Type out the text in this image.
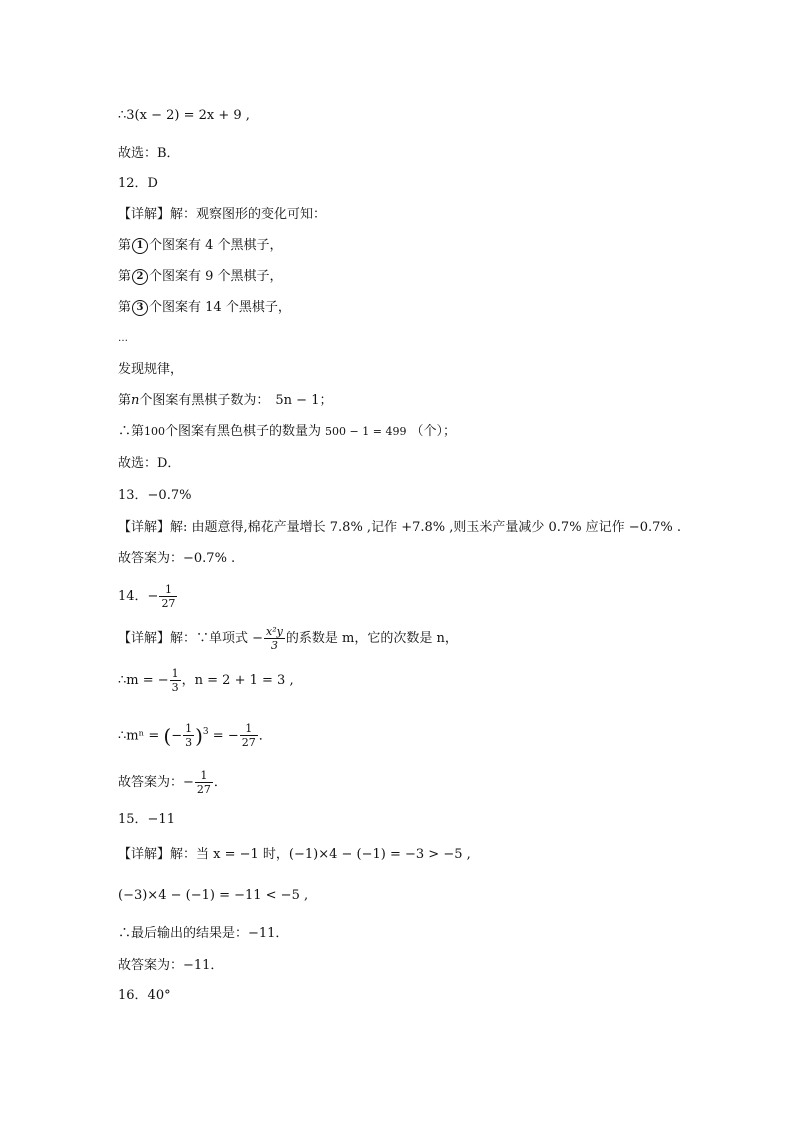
∴3(x − 2) = 2x + 9 ,
故选：B．
12．D
【详解】解：观察图形的变化可知：
第 1 个图案有 4 个黑棋子，
第 2 个图案有 9 个黑棋子，
第 3 个图案有 14 个黑棋子，
…
发现规律，
第n个图案有黑棋子数为： 5n − 1；
∴第100个图案有黑色棋子的数量为 500 − 1 = 499 （个）；
故选：D．
13．−0.7%
【详解】解: 由题意得,棉花产量增长 7.8% ,记作 +7.8% ,则玉米产量减少 0.7% 应记作 −0.7% .
故答案为：−0.7% .
14．− $\frac{1}{27}$
【详解】解：∵单项式 − $\frac{\text{x²y}}{3}$ 的系数是 m，它的次数是 n，
∴m = − $\frac{1}{3}$ ，n = 2 + 1 = 3 ,
∴mⁿ = (− $\frac{1}{3} )^3$ = − $\frac{1}{27}$ ．
故答案为：− $\frac{1}{27}$ ．
15．−11
【详解】解：当 x = −1 时，(−1)×4 − (−1) = −3 > −5 ,
(−3)×4 − (−1) = −11 < −5 ,
∴最后输出的结果是：−11．
故答案为：−11．
16．40°
